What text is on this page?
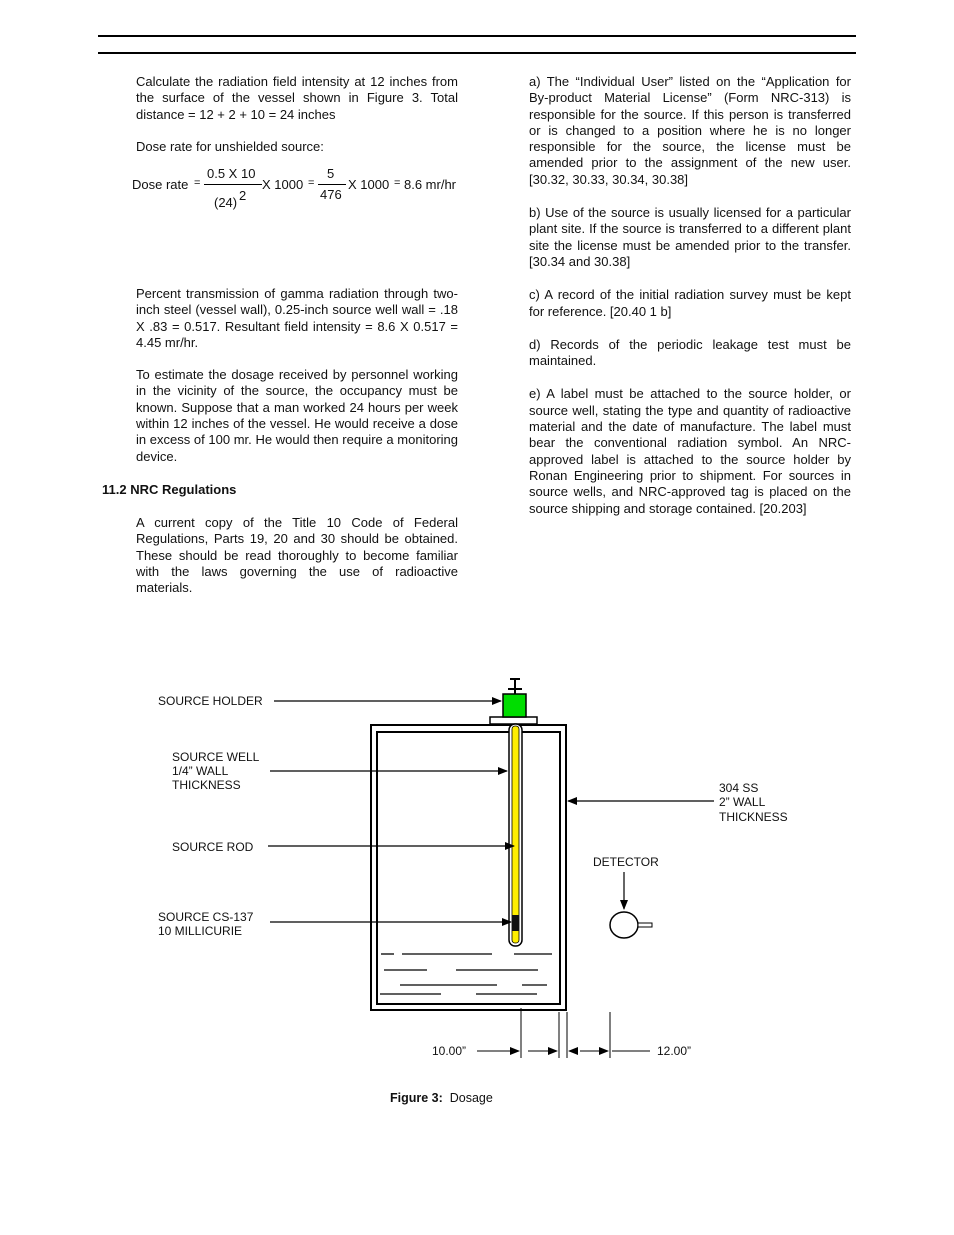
Calculate the radiation field intensity at 12 inches from the surface of the vessel shown in Figure 3. Total distance = 12 + 2 + 10 = 24 inches

Dose rate for unshielded source:

Dose rate =
0.5 X 10
(24) 2
X 1000 =
5
476
X 1000 = 8.6 mr/hr

Percent transmission of gamma radiation through two-inch steel (vessel wall), 0.25-inch source well wall = .18 X .83 = 0.517. Resultant field intensity = 8.6 X 0.517 = 4.45 mr/hr.

To estimate the dosage received by personnel working in the vicinity of the source, the occupancy must be known. Suppose that a man worked 24 hours per week within 12 inches of the vessel. He would receive a dose in excess of 100 mr. He would then require a monitoring device.

11.2 NRC Regulations

A current copy of the Title 10 Code of Federal Regulations, Parts 19, 20 and 30 should be obtained. These should be read thoroughly to become familiar with the laws governing the use of radioactive materials.

a) The “Individual User” listed on the “Application for By-product Material License” (Form NRC-313) is responsible for the source. If this person is transferred or is changed to a position where he is no longer responsible for the source, the license must be amended prior to the assignment of the new user. [30.32, 30.33, 30.34, 30.38]

b) Use of the source is usually licensed for a particular plant site. If the source is transferred to a different plant site the license must be amended prior to the transfer. [30.34 and 30.38]

c) A record of the initial radiation survey must be kept for reference. [20.40 1 b]

d) Records of the periodic leakage test must be maintained.

e) A label must be attached to the source holder, or source well, stating the type and quantity of radioactive material and the date of manufacture. The label must bear the conventional radiation symbol. An NRC-approved label is attached to the source holder by Ronan Engineering prior to shipment. For sources in source wells, and NRC-approved tag is placed on the source shipping and storage contained. [20.203]

SOURCE HOLDER
SOURCE WELL
1/4” WALL
THICKNESS
SOURCE ROD
SOURCE CS-137
10 MILLICURIE
304 SS
2” WALL
THICKNESS
DETECTOR
10.00”	12.00”
Figure 3: Dosage
